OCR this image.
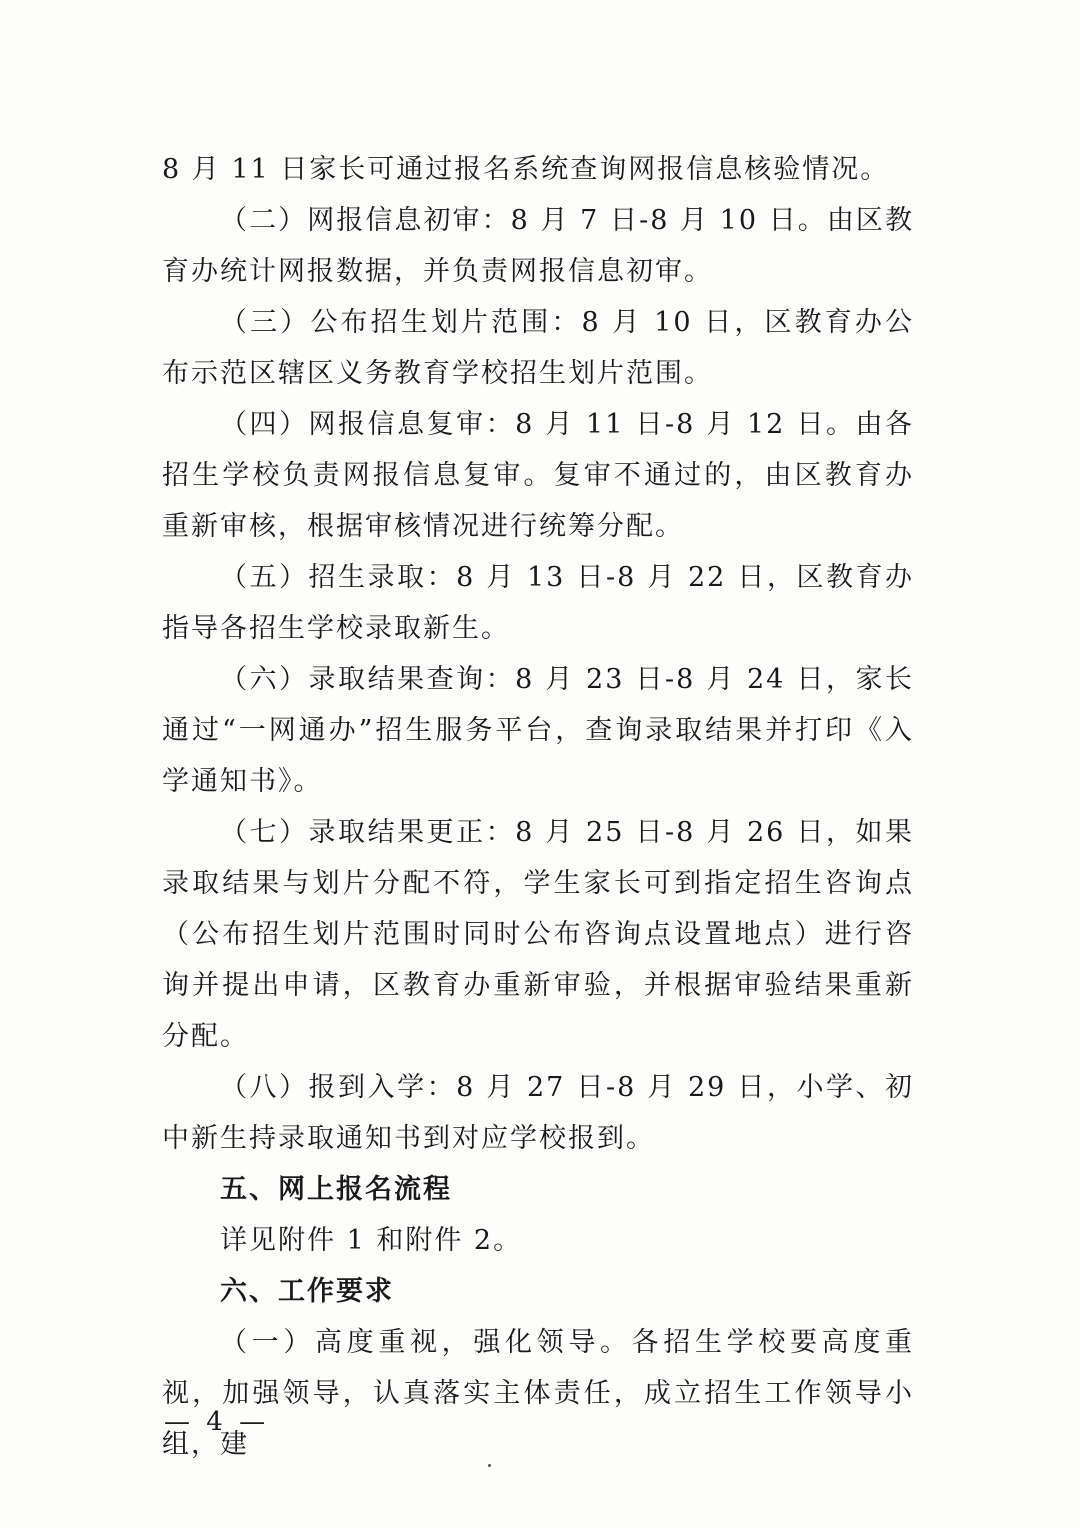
8 月 11 日家长可通过报名系统查询网报信息核验情况。

（二）网报信息初审：8 月 7 日-8 月 10 日。由区教育办统计网报数据，并负责网报信息初审。

（三）公布招生划片范围：8 月 10 日，区教育办公布示范区辖区义务教育学校招生划片范围。

（四）网报信息复审：8 月 11 日-8 月 12 日。由各招生学校负责网报信息复审。复审不通过的，由区教育办重新审核，根据审核情况进行统筹分配。

（五）招生录取：8 月 13 日-8 月 22 日，区教育办指导各招生学校录取新生。

（六）录取结果查询：8 月 23 日-8 月 24 日，家长通过“一网通办”招生服务平台，查询录取结果并打印《入学通知书》。

（七）录取结果更正：8 月 25 日-8 月 26 日，如果录取结果与划片分配不符，学生家长可到指定招生咨询点（公布招生划片范围时同时公布咨询点设置地点）进行咨询并提出申请，区教育办重新审验，并根据审验结果重新分配。

（八）报到入学：8 月 27 日-8 月 29 日，小学、初中新生持录取通知书到对应学校报到。

五、网上报名流程

详见附件 1 和附件 2。

六、工作要求

（一）高度重视，强化领导。各招生学校要高度重视，加强领导，认真落实主体责任，成立招生工作领导小组，建

— 4 —
